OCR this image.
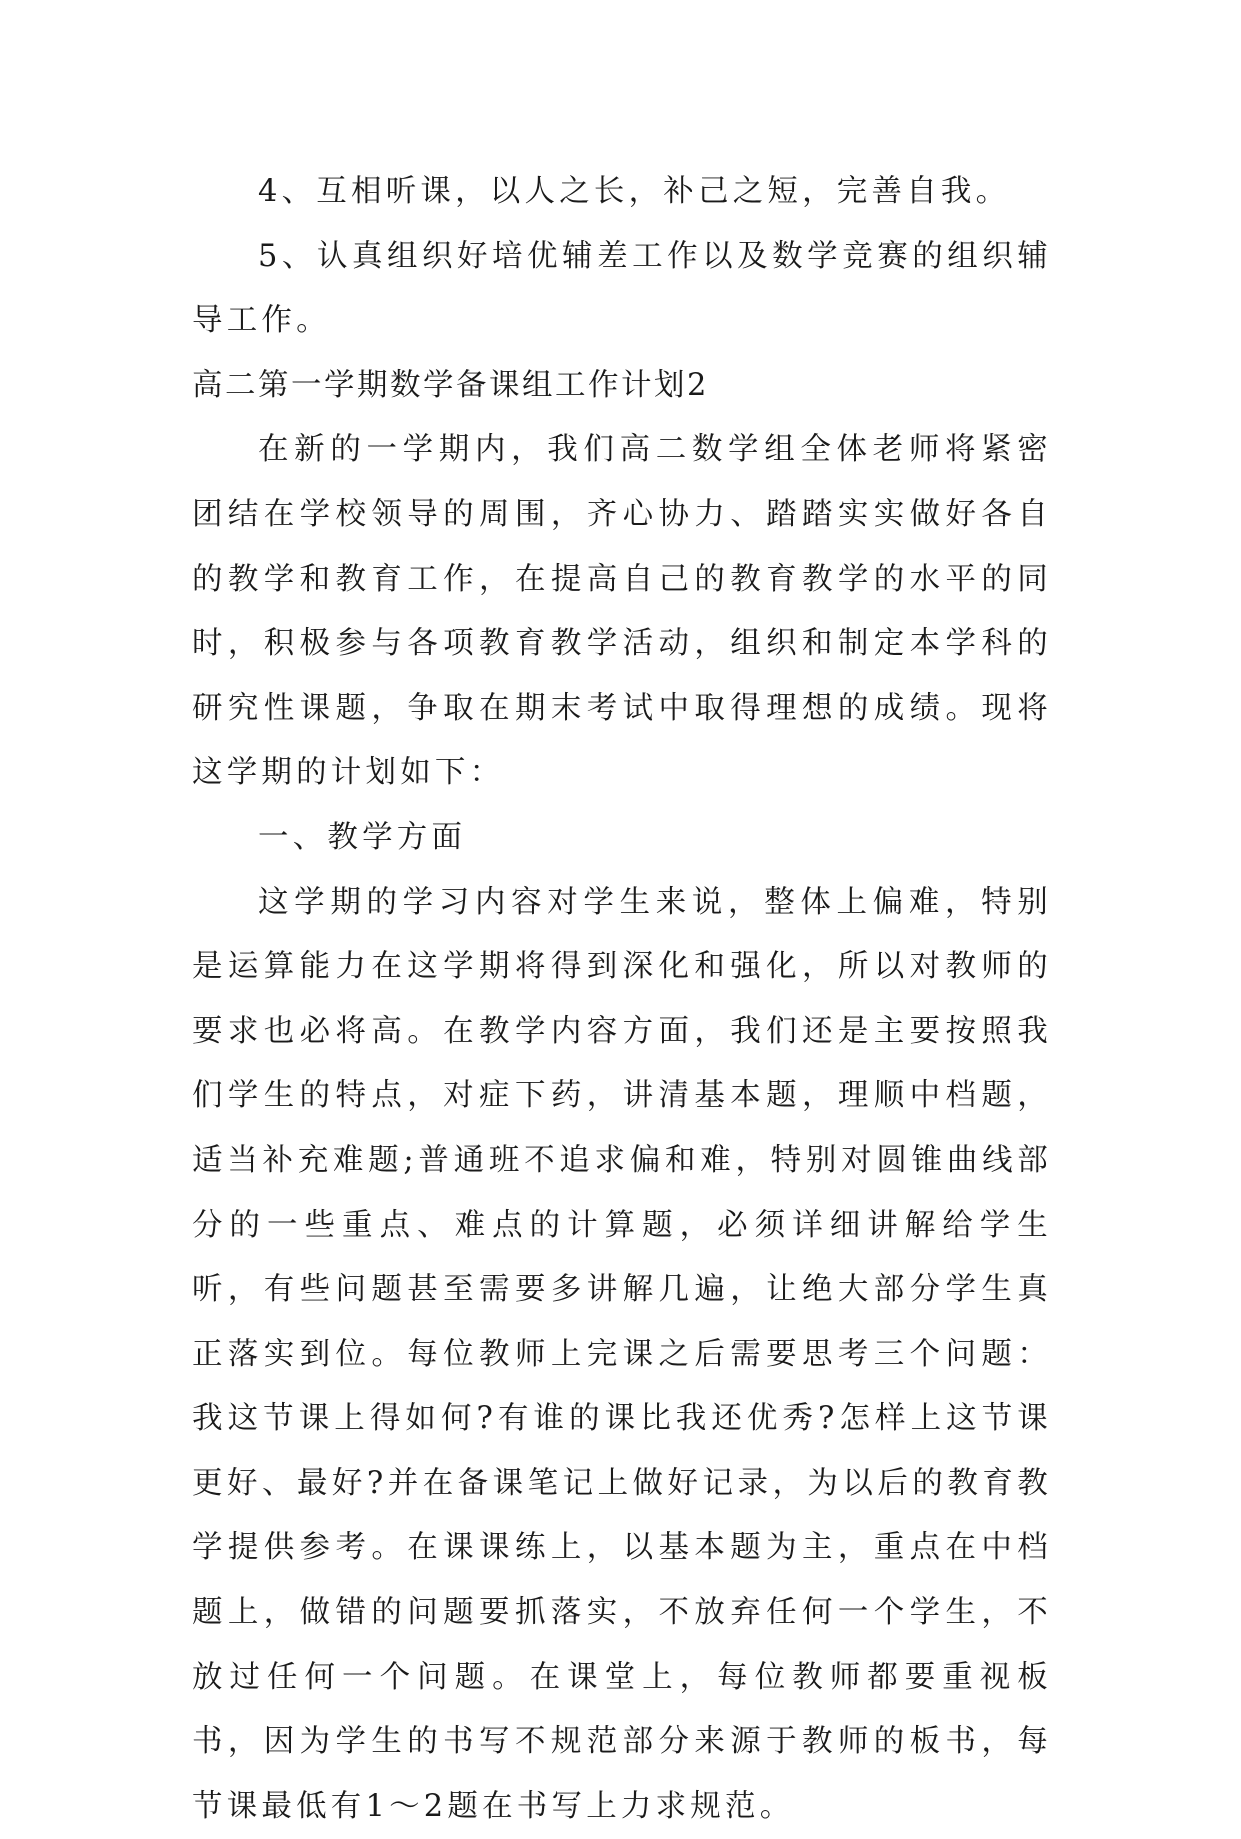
4、互相听课，以人之长，补己之短，完善自我。

5、认真组织好培优辅差工作以及数学竞赛的组织辅导工作。

高二第一学期数学备课组工作计划2

在新的一学期内，我们高二数学组全体老师将紧密团结在学校领导的周围，齐心协力、踏踏实实做好各自的教学和教育工作，在提高自己的教育教学的水平的同时，积极参与各项教育教学活动，组织和制定本学科的研究性课题，争取在期末考试中取得理想的成绩。现将这学期的计划如下：

一、教学方面

这学期的学习内容对学生来说，整体上偏难，特别是运算能力在这学期将得到深化和强化，所以对教师的要求也必将高。在教学内容方面，我们还是主要按照我们学生的特点，对症下药，讲清基本题，理顺中档题，适当补充难题;普通班不追求偏和难，特别对圆锥曲线部分的一些重点、难点的计算题，必须详细讲解给学生听，有些问题甚至需要多讲解几遍，让绝大部分学生真正落实到位。每位教师上完课之后需要思考三个问题：我这节课上得如何?有谁的课比我还优秀?怎样上这节课更好、最好?并在备课笔记上做好记录，为以后的教育教学提供参考。在课课练上，以基本题为主，重点在中档题上，做错的问题要抓落实，不放弃任何一个学生，不放过任何一个问题。在课堂上，每位教师都要重视板书，因为学生的书写不规范部分来源于教师的板书，每节课最低有1～2题在书写上力求规范。
